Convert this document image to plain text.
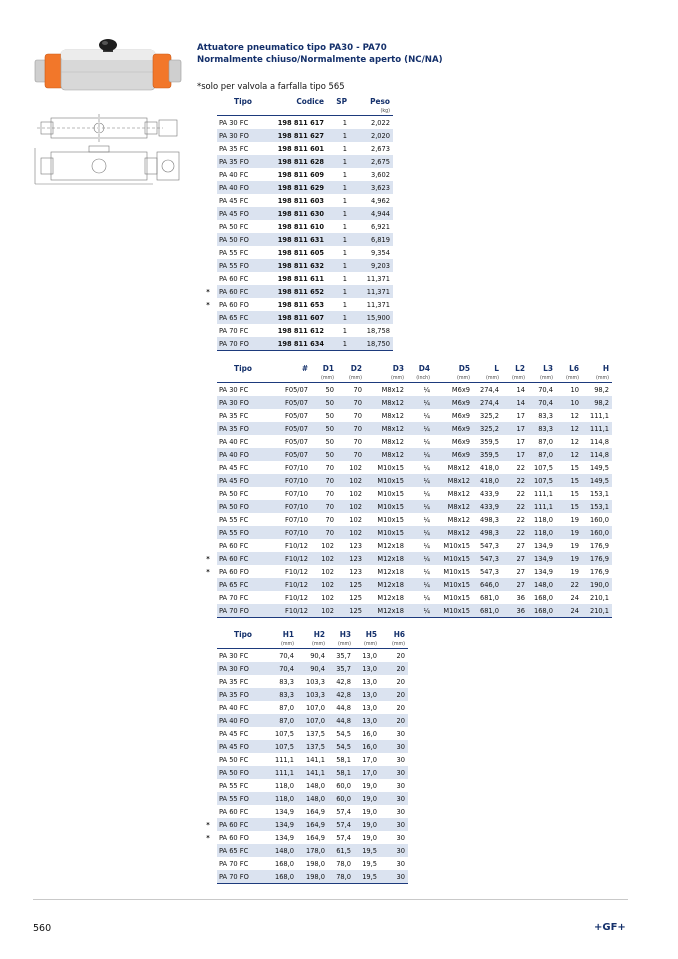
Attuatore pneumatico tipo PA30 - PA70
Normalmente chiuso/Normalmente aperto (NC/NA)
*solo per valvola a farfalla tipo 565
	Tipo	Codice	SP	Peso
				(kg)
	PA 30 FC	198 811 617	1	2,022
	PA 30 FO	198 811 627	1	2,020
	PA 35 FC	198 811 601	1	2,673
	PA 35 FO	198 811 628	1	2,675
	PA 40 FC	198 811 609	1	3,602
	PA 40 FO	198 811 629	1	3,623
	PA 45 FC	198 811 603	1	4,962
	PA 45 FO	198 811 630	1	4,944
	PA 50 FC	198 811 610	1	6,921
	PA 50 FO	198 811 631	1	6,819
	PA 55 FC	198 811 605	1	9,354
	PA 55 FO	198 811 632	1	9,203
	PA 60 FC	198 811 611	1	11,371
*	PA 60 FC	198 811 652	1	11,371
*	PA 60 FO	198 811 653	1	11,371
	PA 65 FC	198 811 607	1	15,900
	PA 70 FC	198 811 612	1	18,758
	PA 70 FO	198 811 634	1	18,750
	Tipo	#	D1	D2	D3	D4	D5	L	L2	L3	L6	H
			(mm)	(mm)	(mm)	(inch)	(mm)	(mm)	(mm)	(mm)	(mm)	(mm)
	PA 30 FC	F05/07	50	70	M8x12	¼	M6x9	274,4	14	70,4	10	98,2
	PA 30 FO	F05/07	50	70	M8x12	¼	M6x9	274,4	14	70,4	10	98,2
	PA 35 FC	F05/07	50	70	M8x12	¼	M6x9	325,2	17	83,3	12	111,1
	PA 35 FO	F05/07	50	70	M8x12	¼	M6x9	325,2	17	83,3	12	111,1
	PA 40 FC	F05/07	50	70	M8x12	¼	M6x9	359,5	17	87,0	12	114,8
	PA 40 FO	F05/07	50	70	M8x12	¼	M6x9	359,5	17	87,0	12	114,8
	PA 45 FC	F07/10	70	102	M10x15	¼	M8x12	418,0	22	107,5	15	149,5
	PA 45 FO	F07/10	70	102	M10x15	¼	M8x12	418,0	22	107,5	15	149,5
	PA 50 FC	F07/10	70	102	M10x15	¼	M8x12	433,9	22	111,1	15	153,1
	PA 50 FO	F07/10	70	102	M10x15	¼	M8x12	433,9	22	111,1	15	153,1
	PA 55 FC	F07/10	70	102	M10x15	¼	M8x12	498,3	22	118,0	19	160,0
	PA 55 FO	F07/10	70	102	M10x15	¼	M8x12	498,3	22	118,0	19	160,0
	PA 60 FC	F10/12	102	123	M12x18	¼	M10x15	547,3	27	134,9	19	176,9
*	PA 60 FC	F10/12	102	123	M12x18	¼	M10x15	547,3	27	134,9	19	176,9
*	PA 60 FO	F10/12	102	123	M12x18	¼	M10x15	547,3	27	134,9	19	176,9
	PA 65 FC	F10/12	102	125	M12x18	¼	M10x15	646,0	27	148,0	22	190,0
	PA 70 FC	F10/12	102	125	M12x18	¼	M10x15	681,0	36	168,0	24	210,1
	PA 70 FO	F10/12	102	125	M12x18	¼	M10x15	681,0	36	168,0	24	210,1
	Tipo	H1	H2	H3	H5	H6
		(mm)	(mm)	(mm)	(mm)	(mm)
	PA 30 FC	70,4	90,4	35,7	13,0	20
	PA 30 FO	70,4	90,4	35,7	13,0	20
	PA 35 FC	83,3	103,3	42,8	13,0	20
	PA 35 FO	83,3	103,3	42,8	13,0	20
	PA 40 FC	87,0	107,0	44,8	13,0	20
	PA 40 FO	87,0	107,0	44,8	13,0	20
	PA 45 FC	107,5	137,5	54,5	16,0	30
	PA 45 FO	107,5	137,5	54,5	16,0	30
	PA 50 FC	111,1	141,1	58,1	17,0	30
	PA 50 FO	111,1	141,1	58,1	17,0	30
	PA 55 FC	118,0	148,0	60,0	19,0	30
	PA 55 FO	118,0	148,0	60,0	19,0	30
	PA 60 FC	134,9	164,9	57,4	19,0	30
*	PA 60 FC	134,9	164,9	57,4	19,0	30
*	PA 60 FO	134,9	164,9	57,4	19,0	30
	PA 65 FC	148,0	178,0	61,5	19,5	30
	PA 70 FC	168,0	198,0	78,0	19,5	30
	PA 70 FO	168,0	198,0	78,0	19,5	30
560	+GF+
